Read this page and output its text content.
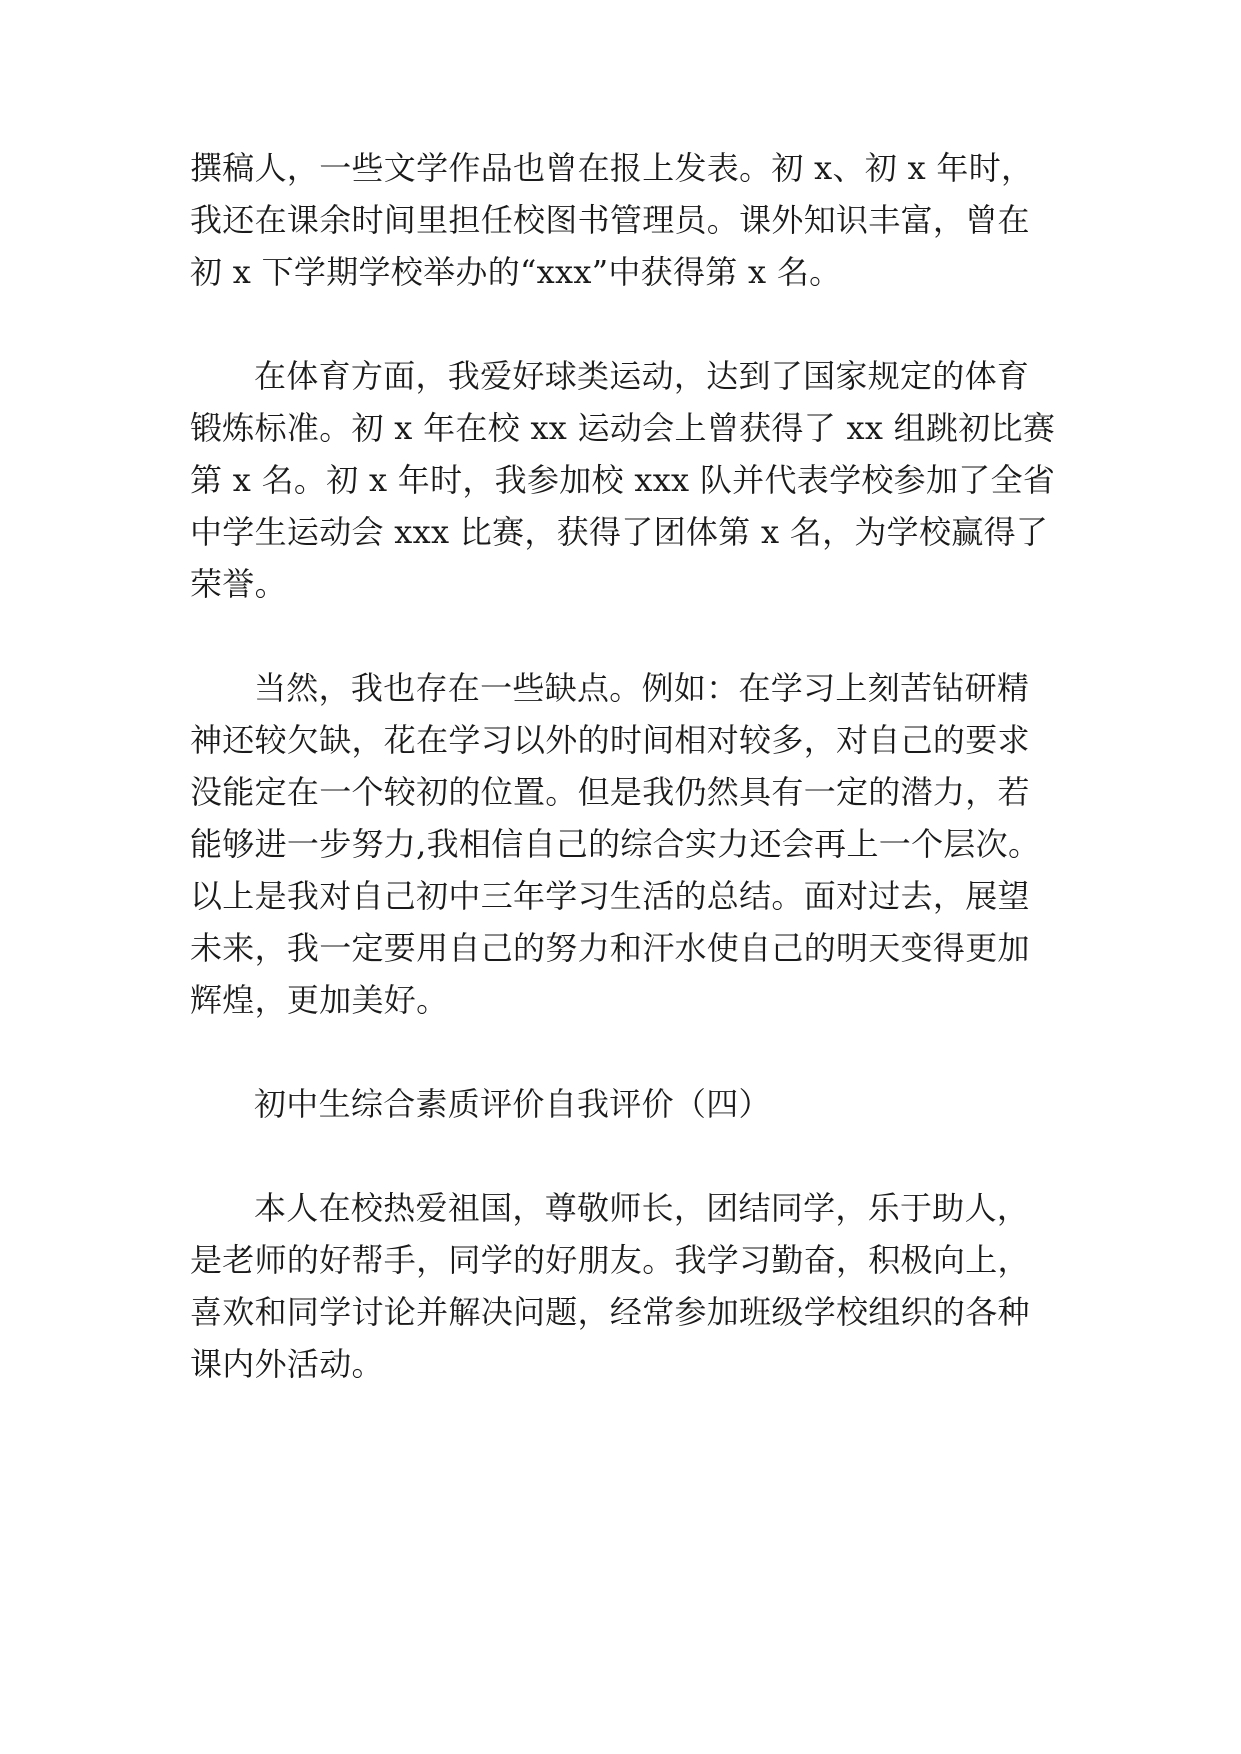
撰稿人，一些文学作品也曾在报上发表。初 x、初 x 年时，
我还在课余时间里担任校图书管理员。课外知识丰富，曾在
初 x 下学期学校举办的“xxx”中获得第 x 名。
在体育方面，我爱好球类运动，达到了国家规定的体育
锻炼标准。初 x 年在校 xx 运动会上曾获得了 xx 组跳初比赛
第 x 名。初 x 年时，我参加校 xxx 队并代表学校参加了全省
中学生运动会 xxx 比赛，获得了团体第 x 名，为学校赢得了
荣誉。
当然，我也存在一些缺点。例如：在学习上刻苦钻研精
神还较欠缺，花在学习以外的时间相对较多，对自己的要求
没能定在一个较初的位置。但是我仍然具有一定的潜力，若
能够进一步努力,我相信自己的综合实力还会再上一个层次。
以上是我对自己初中三年学习生活的总结。面对过去，展望
未来，我一定要用自己的努力和汗水使自己的明天变得更加
辉煌，更加美好。
初中生综合素质评价自我评价（四）
本人在校热爱祖国，尊敬师长，团结同学，乐于助人，
是老师的好帮手，同学的好朋友。我学习勤奋，积极向上，
喜欢和同学讨论并解决问题，经常参加班级学校组织的各种
课内外活动。
